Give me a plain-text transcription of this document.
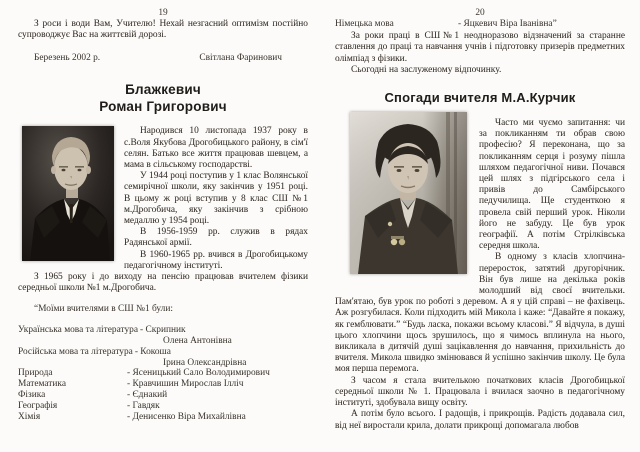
19

З роси і води Вам, Учителю! Нехай незгасний оптимізм постійно супроводжує Вас на життєвій дорозі.

Березень 2002 р.	Світлана Фаринович
Блажкевич
Роман Григорович

Народився 10 листопада 1937 року в с.Воля Якубова Дрогобицького району, в сім'ї селян. Батько все життя працював шевцем, а мама в сільському господарстві.

У 1944 році поступив у 1 клас Волянської семирічної школи, яку закінчив у 1951 році. В цьому ж році вступив у 8 клас СШ №1 м.Дрогобича, яку закінчив з срібною медаллю у 1954 році.

В 1956-1959 рр. служив в рядах Радянської армії.

В 1960-1965 рр. вчився в Дрогобицькому педагогічному інституті.

З 1965 року і до виходу на пенсію працював вчителем фізики середньої школи №1 м.Дрогобича.

“Моїми вчителями в СШ №1 були:

Українська мова та література - Скрипник
Олена Антонівна
Російська мова та література - Кокоша
Ірина Олександрівна
Природа	- Ясеницький Сало Володимирович
Математика	- Кравчишин Мирослав Ілліч
Фізика	- Єднакий
Географія	- Гавдяк
Хімія	- Денисенко Віра Михайлівна
20
Німецька мова	- Яцкевич Віра Іванівна”

За роки праці в СШ№1 неодноразово відзначений за старанне ставлення до праці та навчання учнів і підготовку призерів предметних олімпіад з фізики.

Сьогодні на заслуженому відпочинку.

Спогади вчителя М.А.Курчик

Часто ми чуємо запитання: чи за покликанням ти обрав свою професію? Я переконана, що за покликанням серця і розуму пішла шляхом педагогічної ниви. Почався цей шлях з підгірського села і привів до Самбірського педучилища. Ще студенткою я провела свій перший урок. Ніколи його не забуду. Це був урок географії. А потім Стрілківська середня школа.

В одному з класів хлопчина-переросток, затятий другорічник. Він був лише на декілька років молодший від своєї вчительки. Пам'ятаю, був урок по роботі з деревом. А я у цій справі – не фахівець. Аж розгубилася. Коли підходить мій Микола і каже: “Давайте я покажу, як гемблювати.” “Будь ласка, покажи всьому класові.” Я відчула, в душі цього хлопчини щось зрушилось, що я чимось вплинула на нього, викликала в дитячій душі зацікавлення до навчання, прихильність до вчителя. Микола швидко змінювався й успішно закінчив школу. Це була моя перша перемога.

З часом я стала вчителькою початкових класів Дрогобицької середньої школи № 1. Працювала і вчилася заочно в педагогічному інституті, здобувала вищу освіту.

А потім було всього. І радощів, і прикрощів. Радість додавала сил, від неї виростали крила, долати прикрощі допомагала любов
